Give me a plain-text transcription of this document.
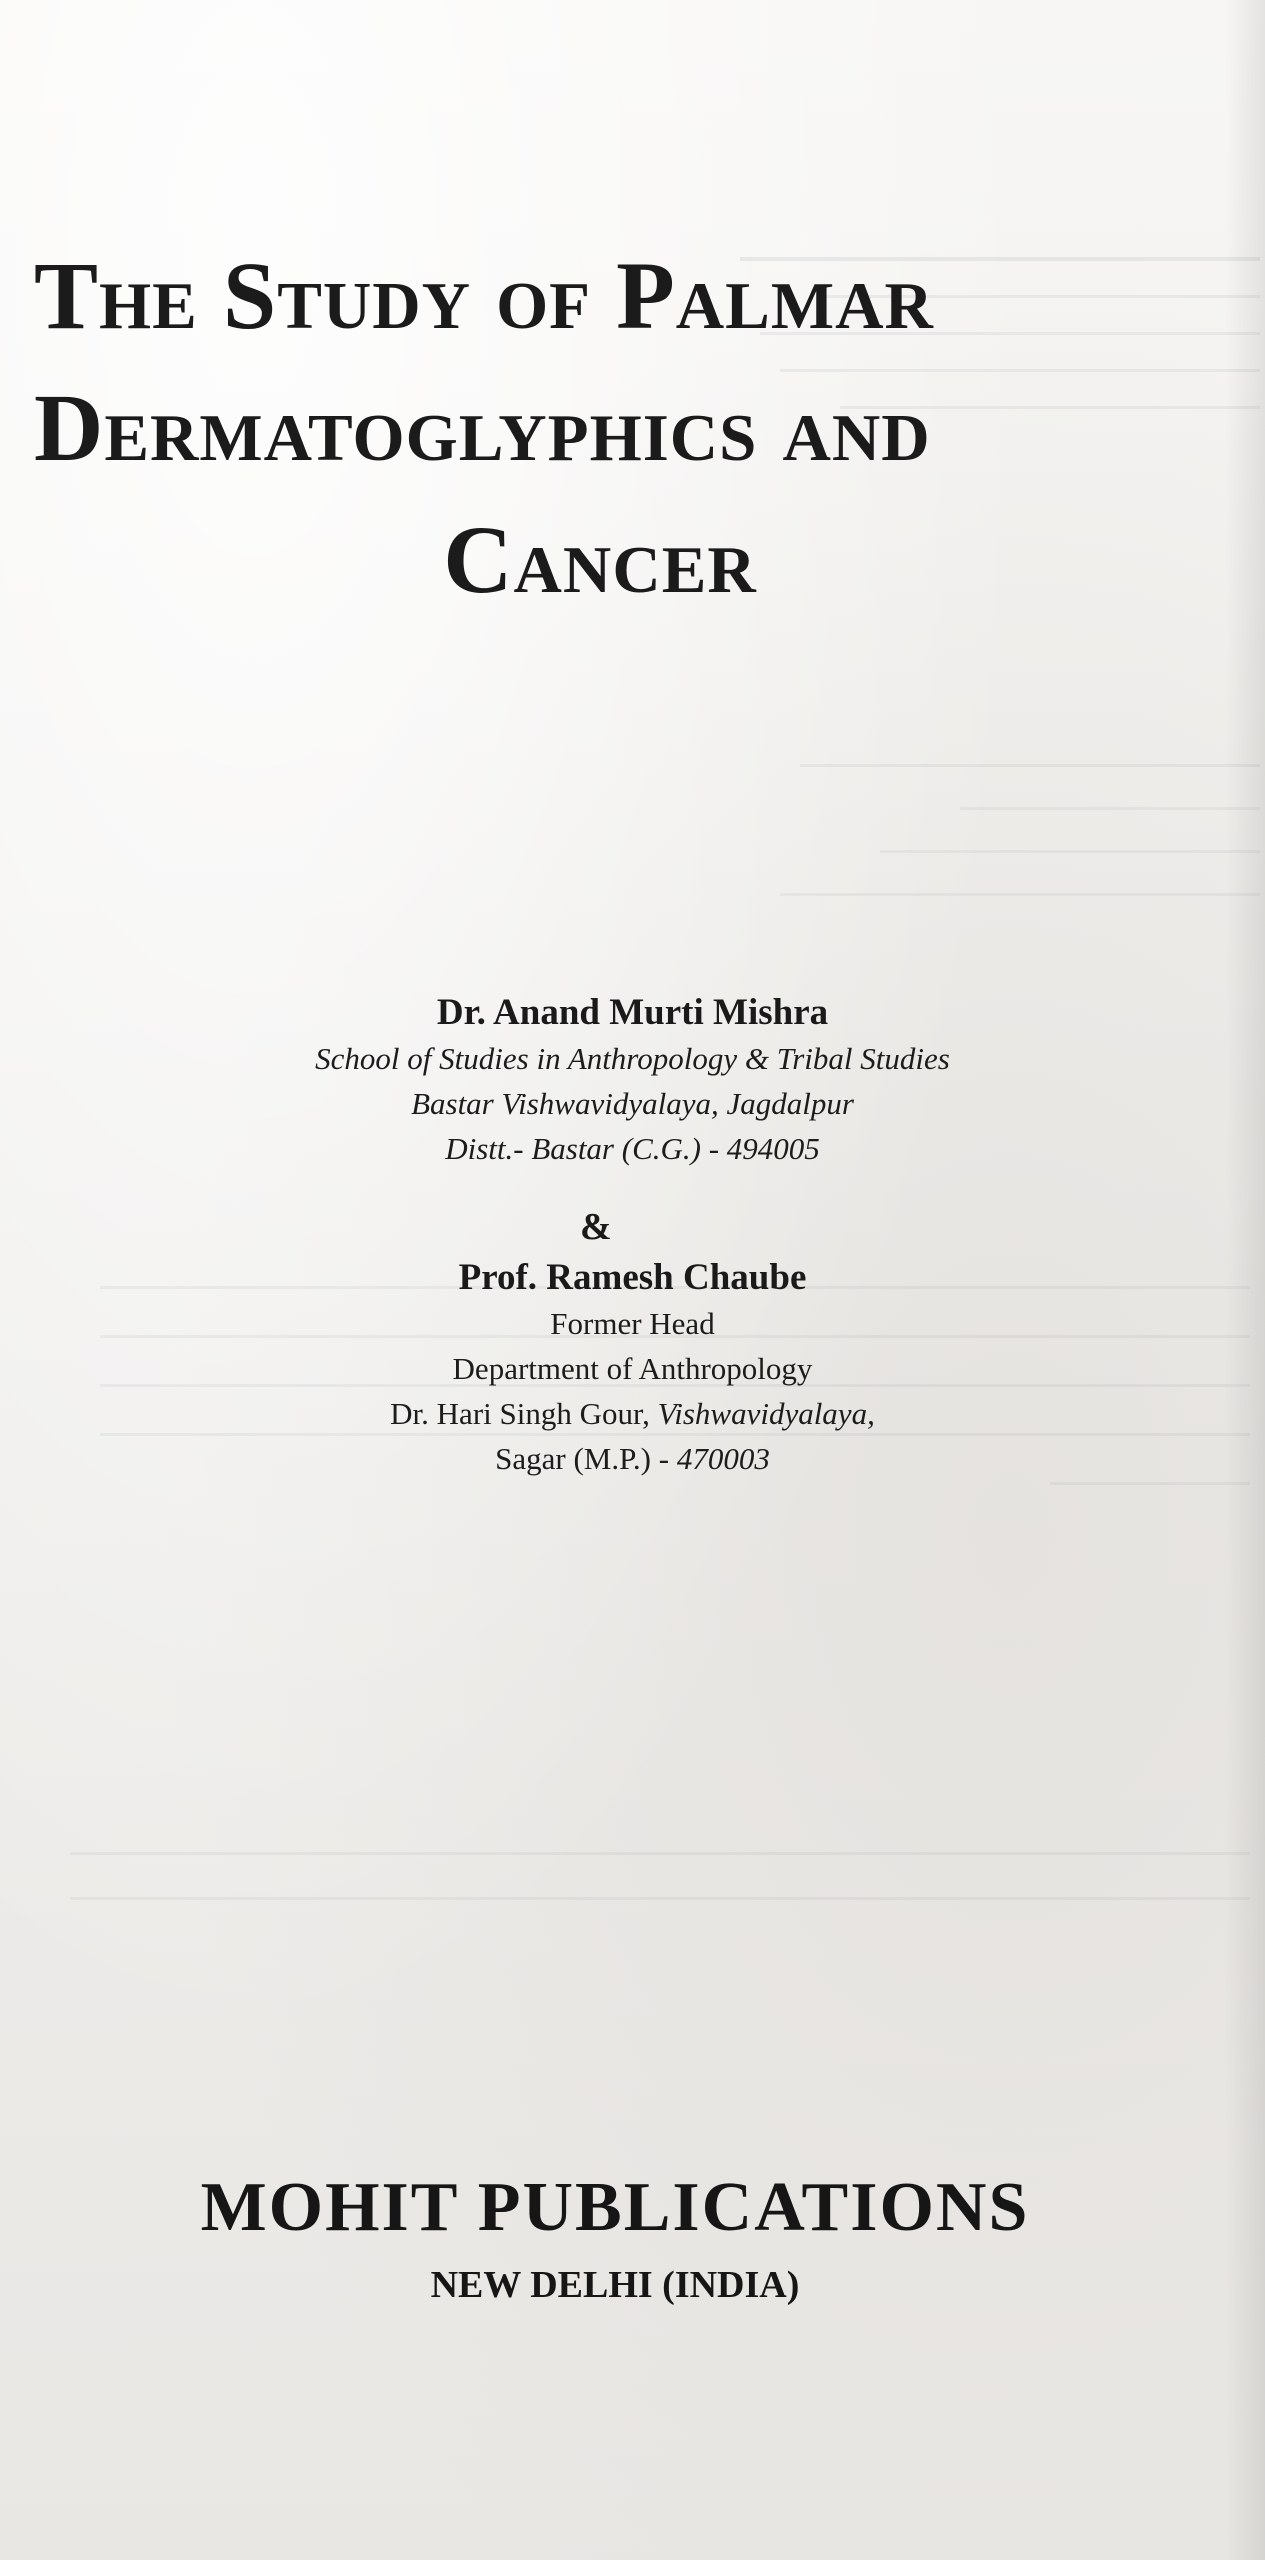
The Study of Palmar
Dermatoglyphics and
Cancer
Dr. Anand Murti Mishra
School of Studies in Anthropology & Tribal Studies
Bastar Vishwavidyalaya, Jagdalpur
Distt.- Bastar (C.G.) - 494005
&
Prof. Ramesh Chaube
Former Head
Department of Anthropology
Dr. Hari Singh Gour, Vishwavidyalaya,
Sagar (M.P.) - 470003
MOHIT PUBLICATIONS
NEW DELHI (INDIA)
